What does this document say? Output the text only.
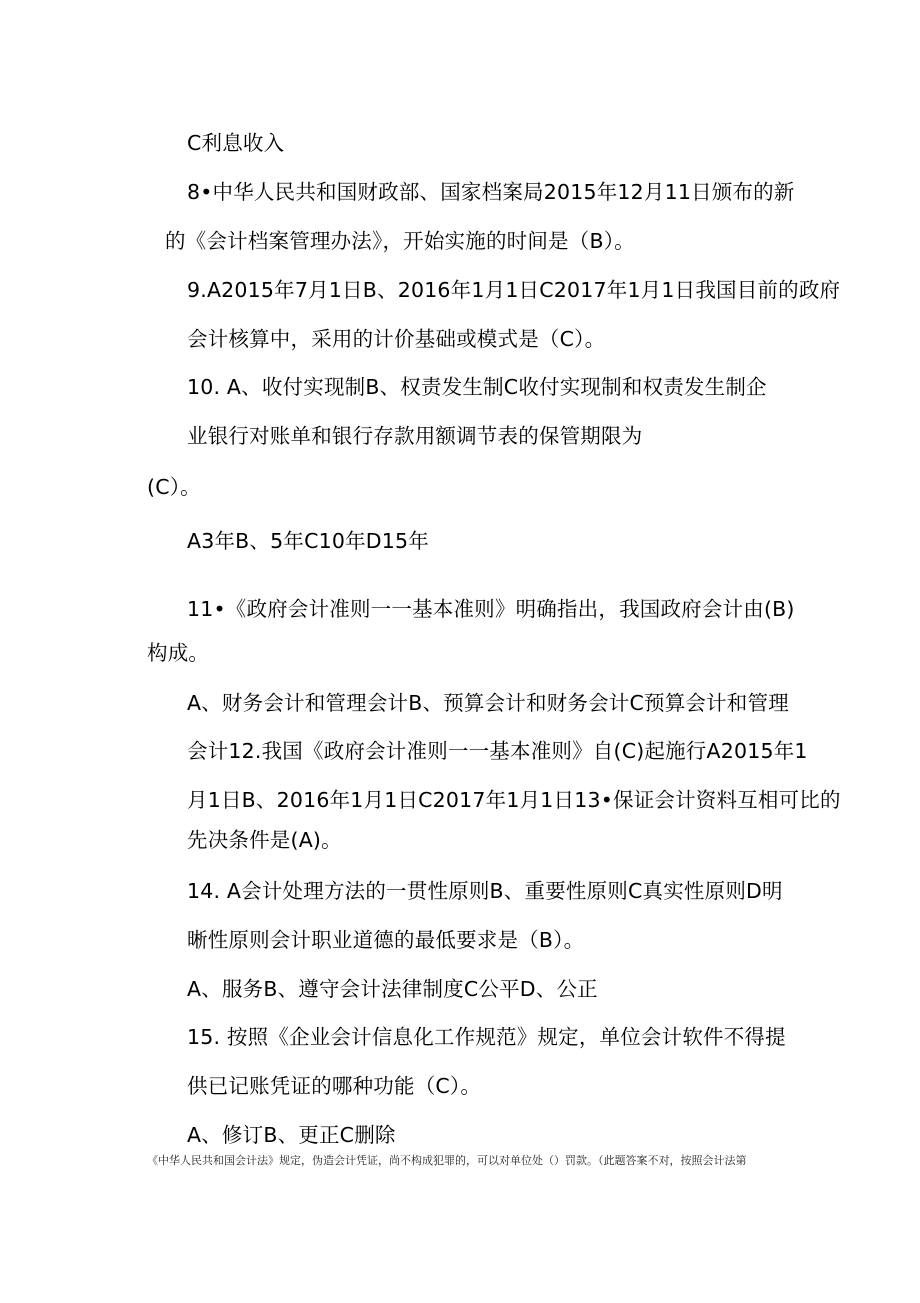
C利息收入

8•中华人民共和国财政部、国家档案局2015年12月11日颁布的新

的《会计档案管理办法》，开始实施的时间是（B）。

9.A2015年7月1日B、2016年1月1日C2017年1月1日我国目前的政府

会计核算中，采用的计价基础或模式是（C）。

10. A、收付实现制B、权责发生制C收付实现制和权责发生制企

业银行对账单和银行存款用额调节表的保管期限为

(C）。

A3年B、5年C10年D15年

11•《政府会计准则一一基本准则》明确指出，我国政府会计由(B)

构成。

A、财务会计和管理会计B、预算会计和财务会计C预算会计和管理

会计12.我国《政府会计准则一一基本准则》自(C)起施行A2015年1

月1日B、2016年1月1日C2017年1月1日13•保证会计资料互相可比的

先决条件是(A)。

14. A会计处理方法的一贯性原则B、重要性原则C真实性原则D明

晰性原则会计职业道德的最低要求是（B）。

A、服务B、遵守会计法律制度C公平D、公正

15. 按照《企业会计信息化工作规范》规定，单位会计软件不得提

供已记账凭证的哪种功能（C）。

A、修订B、更正C删除

《中华人民共和国会计法》规定，伪造会计凭证，尚不构成犯罪的，可以对单位处（）罚款。（此题答案不对，按照会计法第
